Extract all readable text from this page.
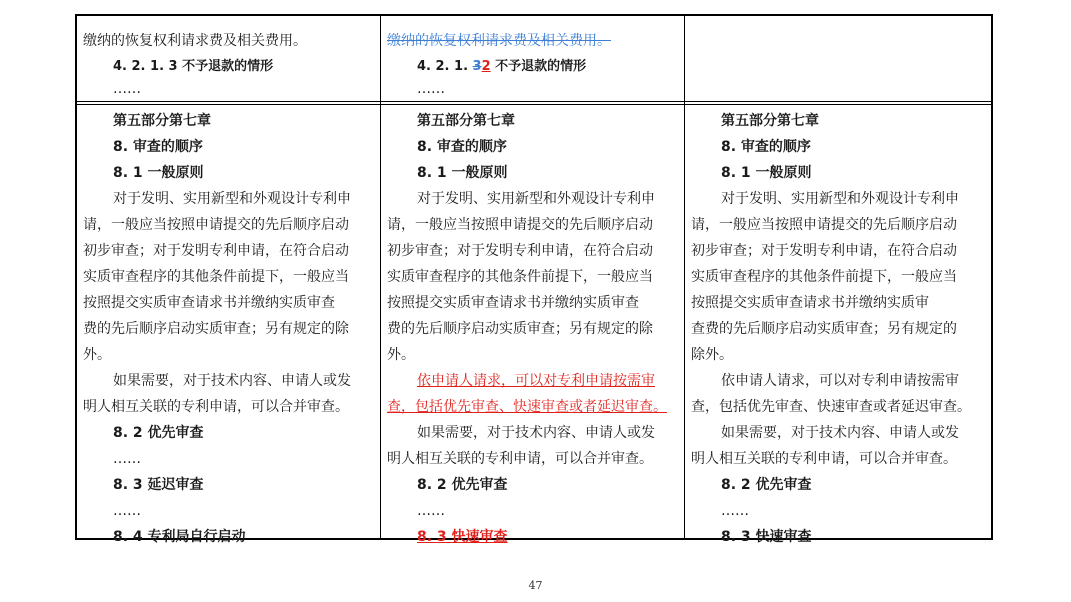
缴纳的恢复权利请求费及相关费用。
4. 2. 1. 3 不予退款的情形
……
缴纳的恢复权利请求费及相关费用。
4. 2. 1. 32 不予退款的情形
……
第五部分第七章
8. 审查的顺序
8. 1 一般原则
对于发明、实用新型和外观设计专利申
请，一般应当按照申请提交的先后顺序启动
初步审查；对于发明专利申请，在符合启动
实质审查程序的其他条件前提下，一般应当
按照提交实质审查请求书并缴纳实质审查
费的先后顺序启动实质审查；另有规定的除
外。
如果需要，对于技术内容、申请人或发
明人相互关联的专利申请，可以合并审查。
8. 2 优先审查
……
8. 3 延迟审查
……
8. 4 专利局自行启动
第五部分第七章
8. 审查的顺序
8. 1 一般原则
对于发明、实用新型和外观设计专利申
请，一般应当按照申请提交的先后顺序启动
初步审查；对于发明专利申请，在符合启动
实质审查程序的其他条件前提下，一般应当
按照提交实质审查请求书并缴纳实质审查
费的先后顺序启动实质审查；另有规定的除
外。
依申请人请求，可以对专利申请按需审
查，包括优先审查、快速审查或者延迟审查。
如果需要，对于技术内容、申请人或发
明人相互关联的专利申请，可以合并审查。
8. 2 优先审查
……
8. 3 快速审查
第五部分第七章
8. 审查的顺序
8. 1 一般原则
对于发明、实用新型和外观设计专利申
请，一般应当按照申请提交的先后顺序启动
初步审查；对于发明专利申请，在符合启动
实质审查程序的其他条件前提下，一般应当
按照提交实质审查请求书并缴纳实质审
查费的先后顺序启动实质审查；另有规定的
除外。
依申请人请求，可以对专利申请按需审
查，包括优先审查、快速审查或者延迟审查。
如果需要，对于技术内容、申请人或发
明人相互关联的专利申请，可以合并审查。
8. 2 优先审查
……
8. 3 快速审查
47
